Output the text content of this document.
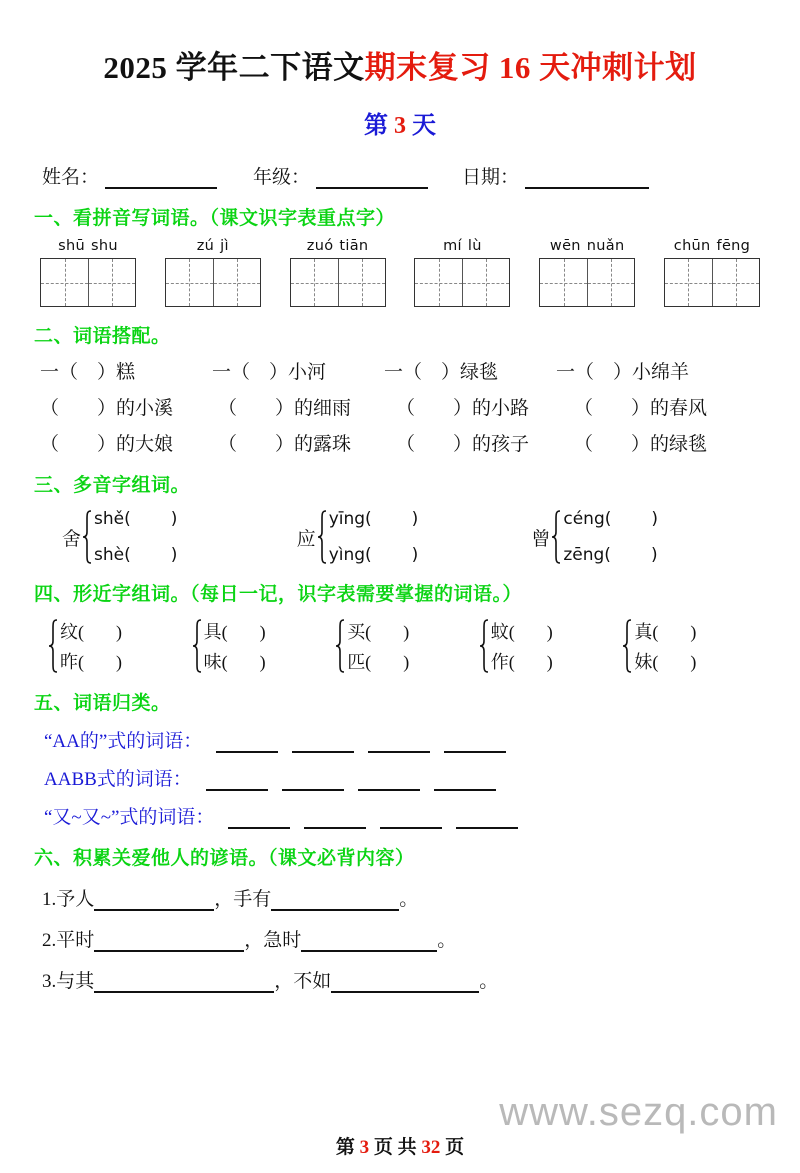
2025 学年二下语文期末复习 16 天冲刺计划
第 3 天
姓名：	年级：	日期：
一、看拼音写词语。（课文识字表重点字）
shū shu	zú jì	zuó tiān	mí lù	wēn nuǎn	chūn fēng
二、词语搭配。
一（　）糕	一（　）小河	一（　）绿毯	一（　）小绵羊
（　　）的小溪	（　　）的细雨	（　　）的小路	（　　）的春风
（　　）的大娘	（　　）的露珠	（　　）的孩子	（　　）的绿毯
三、多音字组词。
舍
shě( )
shè( )
应
yīng( )
yìng( )
曾
céng( )
zēng( )
四、形近字组词。（每日一记，识字表需要掌握的词语。）
纹( )
昨( )
具( )
味( )
买( )
匹( )
蚊( )
作( )
真( )
妹( )
五、词语归类。
“AA的”式的词语：
AABB式的词语：
“又~又~”式的词语：
六、积累关爱他人的谚语。（课文必背内容）
1. 予人	，手有	。
2. 平时	，急时	。
3. 与其	，不如	。
www.sezq.com
第 3 页 共 32 页
